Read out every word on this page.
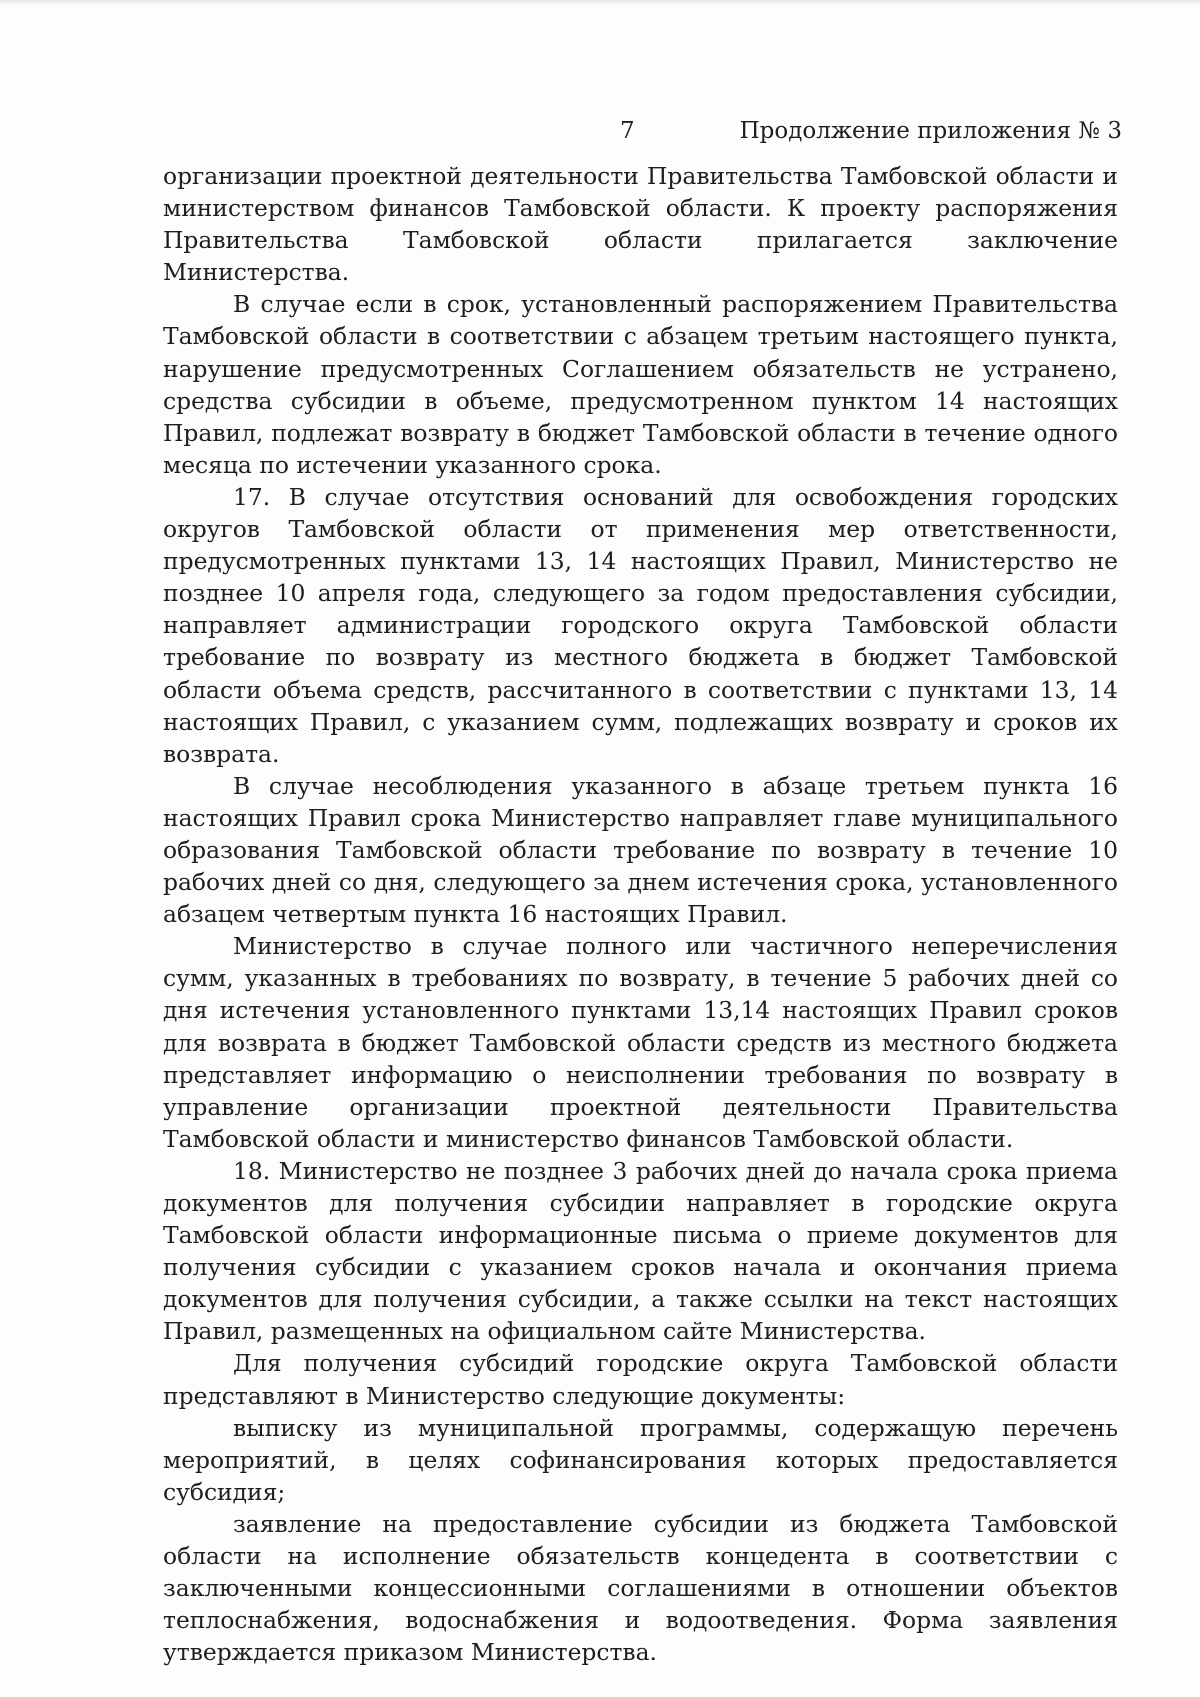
7	Продолжение приложения № 3

организации проектной деятельности Правительства Тамбовской области и министерством финансов Тамбовской области. К проекту распоряжения Правительства Тамбовской области прилагается заключение Министерства.

В случае если в срок, установленный распоряжением Правительства Тамбовской области в соответствии с абзацем третьим настоящего пункта, нарушение предусмотренных Соглашением обязательств не устранено, средства субсидии в объеме, предусмотренном пунктом 14 настоящих Правил, подлежат возврату в бюджет Тамбовской области в течение одного месяца по истечении указанного срока.

17. В случае отсутствия оснований для освобождения городских округов Тамбовской области от применения мер ответственности, предусмотренных пунктами 13, 14 настоящих Правил, Министерство не позднее 10 апреля года, следующего за годом предоставления субсидии, направляет администрации городского округа Тамбовской области требование по возврату из местного бюджета в бюджет Тамбовской области объема средств, рассчитанного в соответствии с пунктами 13, 14 настоящих Правил, с указанием сумм, подлежащих возврату и сроков их возврата.

В случае несоблюдения указанного в абзаце третьем пункта 16 настоящих Правил срока Министерство направляет главе муниципального образования Тамбовской области требование по возврату в течение 10 рабочих дней со дня, следующего за днем истечения срока, установленного абзацем четвертым пункта 16 настоящих Правил.

Министерство в случае полного или частичного неперечисления сумм, указанных в требованиях по возврату, в течение 5 рабочих дней со дня истечения установленного пунктами 13,14 настоящих Правил сроков для возврата в бюджет Тамбовской области средств из местного бюджета представляет информацию о неисполнении требования по возврату в управление организации проектной деятельности Правительства Тамбовской области и министерство финансов Тамбовской области.

18. Министерство не позднее 3 рабочих дней до начала срока приема документов для получения субсидии направляет в городские округа Тамбовской области информационные письма о приеме документов для получения субсидии с указанием сроков начала и окончания приема документов для получения субсидии, а также ссылки на текст настоящих Правил, размещенных на официальном сайте Министерства.

Для получения субсидий городские округа Тамбовской области представляют в Министерство следующие документы:

выписку из муниципальной программы, содержащую перечень мероприятий, в целях софинансирования которых предоставляется субсидия;

заявление на предоставление субсидии из бюджета Тамбовской области на исполнение обязательств концедента в соответствии с заключенными концессионными соглашениями в отношении объектов теплоснабжения, водоснабжения и водоотведения. Форма заявления утверждается приказом Министерства.
